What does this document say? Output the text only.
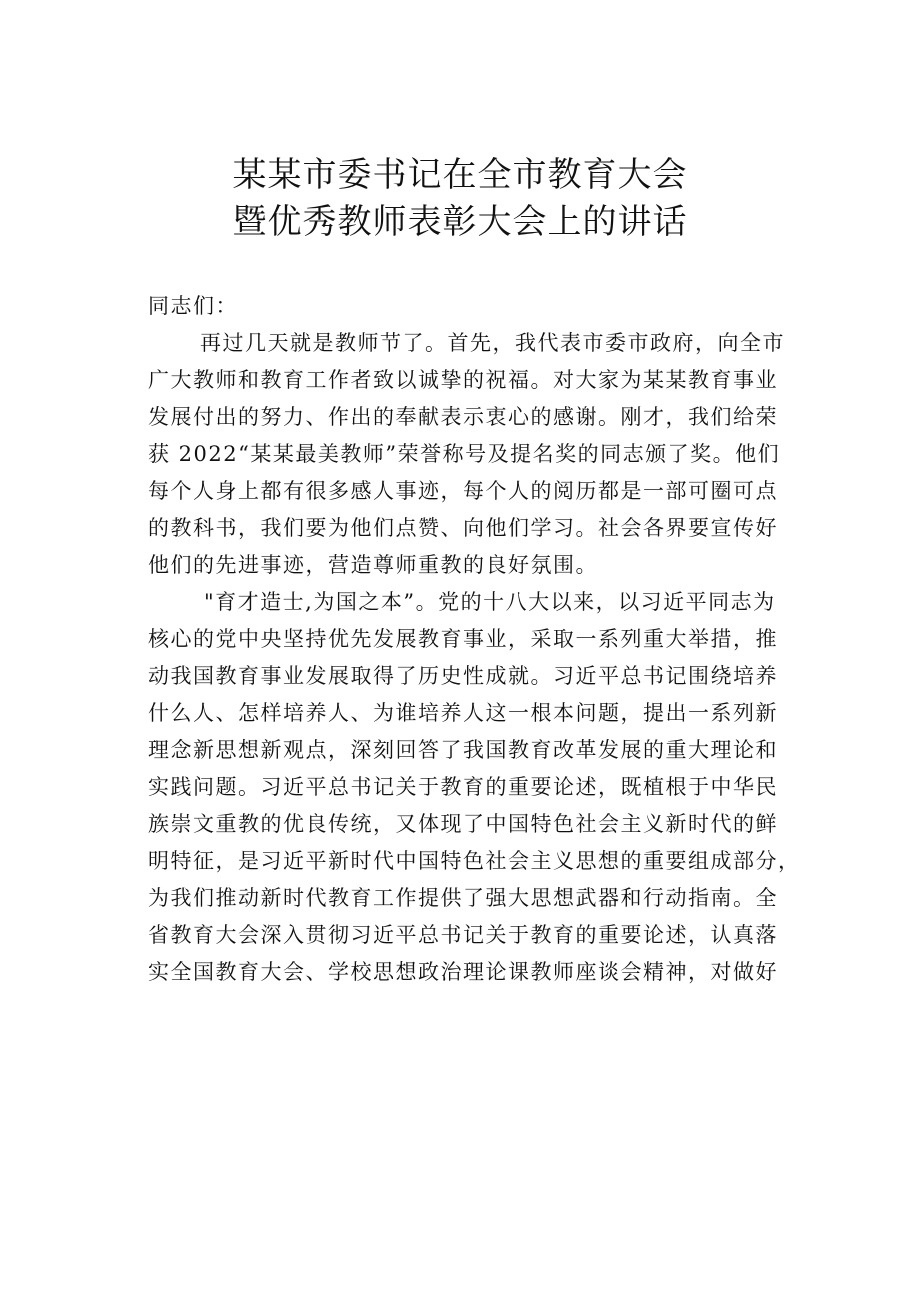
某某市委书记在全市教育大会
暨优秀教师表彰大会上的讲话
同志们：
再过几天就是教师节了。首先，我代表市委市政府，向全市
广大教师和教育工作者致以诚挚的祝福。对大家为某某教育事业
发展付出的努力、作出的奉献表示衷心的感谢。刚才，我们给荣
获 2022“某某最美教师”荣誉称号及提名奖的同志颁了奖。他们
每个人身上都有很多感人事迹，每个人的阅历都是一部可圈可点
的教科书，我们要为他们点赞、向他们学习。社会各界要宣传好
他们的先进事迹，营造尊师重教的良好氛围。
"育才造士,为国之本”。党的十八大以来，以习近平同志为
核心的党中央坚持优先发展教育事业，采取一系列重大举措，推
动我国教育事业发展取得了历史性成就。习近平总书记围绕培养
什么人、怎样培养人、为谁培养人这一根本问题，提出一系列新
理念新思想新观点，深刻回答了我国教育改革发展的重大理论和
实践问题。习近平总书记关于教育的重要论述，既植根于中华民
族崇文重教的优良传统，又体现了中国特色社会主义新时代的鲜
明特征，是习近平新时代中国特色社会主义思想的重要组成部分，
为我们推动新时代教育工作提供了强大思想武器和行动指南。全
省教育大会深入贯彻习近平总书记关于教育的重要论述，认真落
实全国教育大会、学校思想政治理论课教师座谈会精神，对做好
